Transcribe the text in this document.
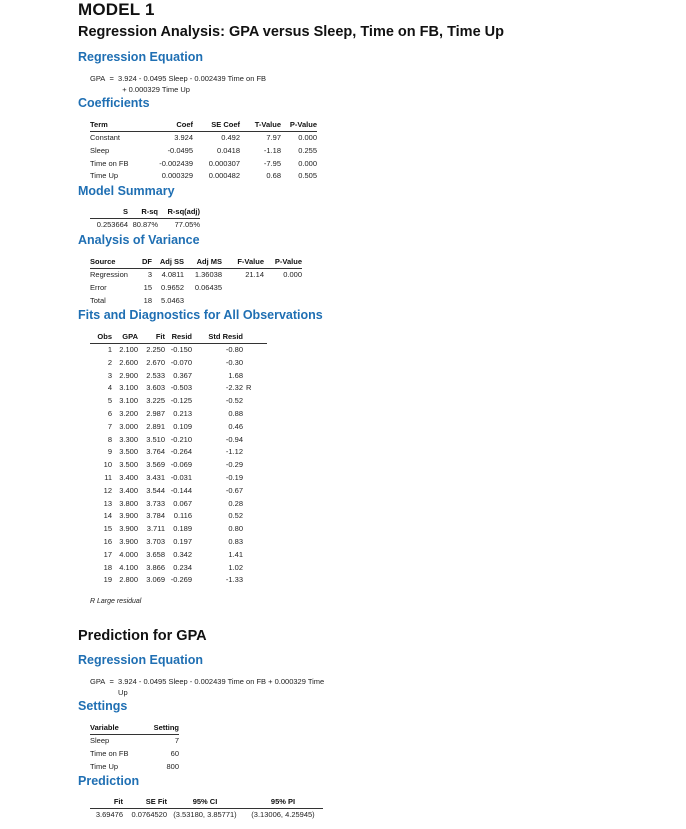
MODEL 1
Regression Analysis: GPA versus Sleep, Time on FB, Time Up
Regression Equation
GPA = 3.924 - 0.0495 Sleep - 0.002439 Time on FB
+ 0.000329 Time Up
Coefficients
Term	Coef	SE Coef	T-Value	P-Value
Constant	3.924	0.492	7.97	0.000
Sleep	-0.0495	0.0418	-1.18	0.255
Time on FB	-0.002439	0.000307	-7.95	0.000
Time Up	0.000329	0.000482	0.68	0.505
Model Summary
S	R-sq	R-sq(adj)
0.253664	80.87%	77.05%
Analysis of Variance
Source	DF	Adj SS	Adj MS	F-Value	P-Value
Regression	3	4.0811	1.36038	21.14	0.000
Error	15	0.9652	0.06435		
Total	18	5.0463			
Fits and Diagnostics for All Observations
Obs	GPA	Fit	Resid	Std Resid	
1	2.100	2.250	-0.150	-0.80	
2	2.600	2.670	-0.070	-0.30	
3	2.900	2.533	0.367	1.68	
4	3.100	3.603	-0.503	-2.32	R
5	3.100	3.225	-0.125	-0.52	
6	3.200	2.987	0.213	0.88	
7	3.000	2.891	0.109	0.46	
8	3.300	3.510	-0.210	-0.94	
9	3.500	3.764	-0.264	-1.12	
10	3.500	3.569	-0.069	-0.29	
11	3.400	3.431	-0.031	-0.19	
12	3.400	3.544	-0.144	-0.67	
13	3.800	3.733	0.067	0.28	
14	3.900	3.784	0.116	0.52	
15	3.900	3.711	0.189	0.80	
16	3.900	3.703	0.197	0.83	
17	4.000	3.658	0.342	1.41	
18	4.100	3.866	0.234	1.02	
19	2.800	3.069	-0.269	-1.33	
R Large residual
Prediction for GPA
Regression Equation
GPA = 3.924 - 0.0495 Sleep - 0.002439 Time on FB + 0.000329 Time
Up
Settings
Variable	Setting
Sleep	7
Time on FB	60
Time Up	800
Prediction
Fit	SE Fit	95% CI	95% PI
3.69476	0.0764520	(3.53180, 3.85771)	(3.13006, 4.25945)
